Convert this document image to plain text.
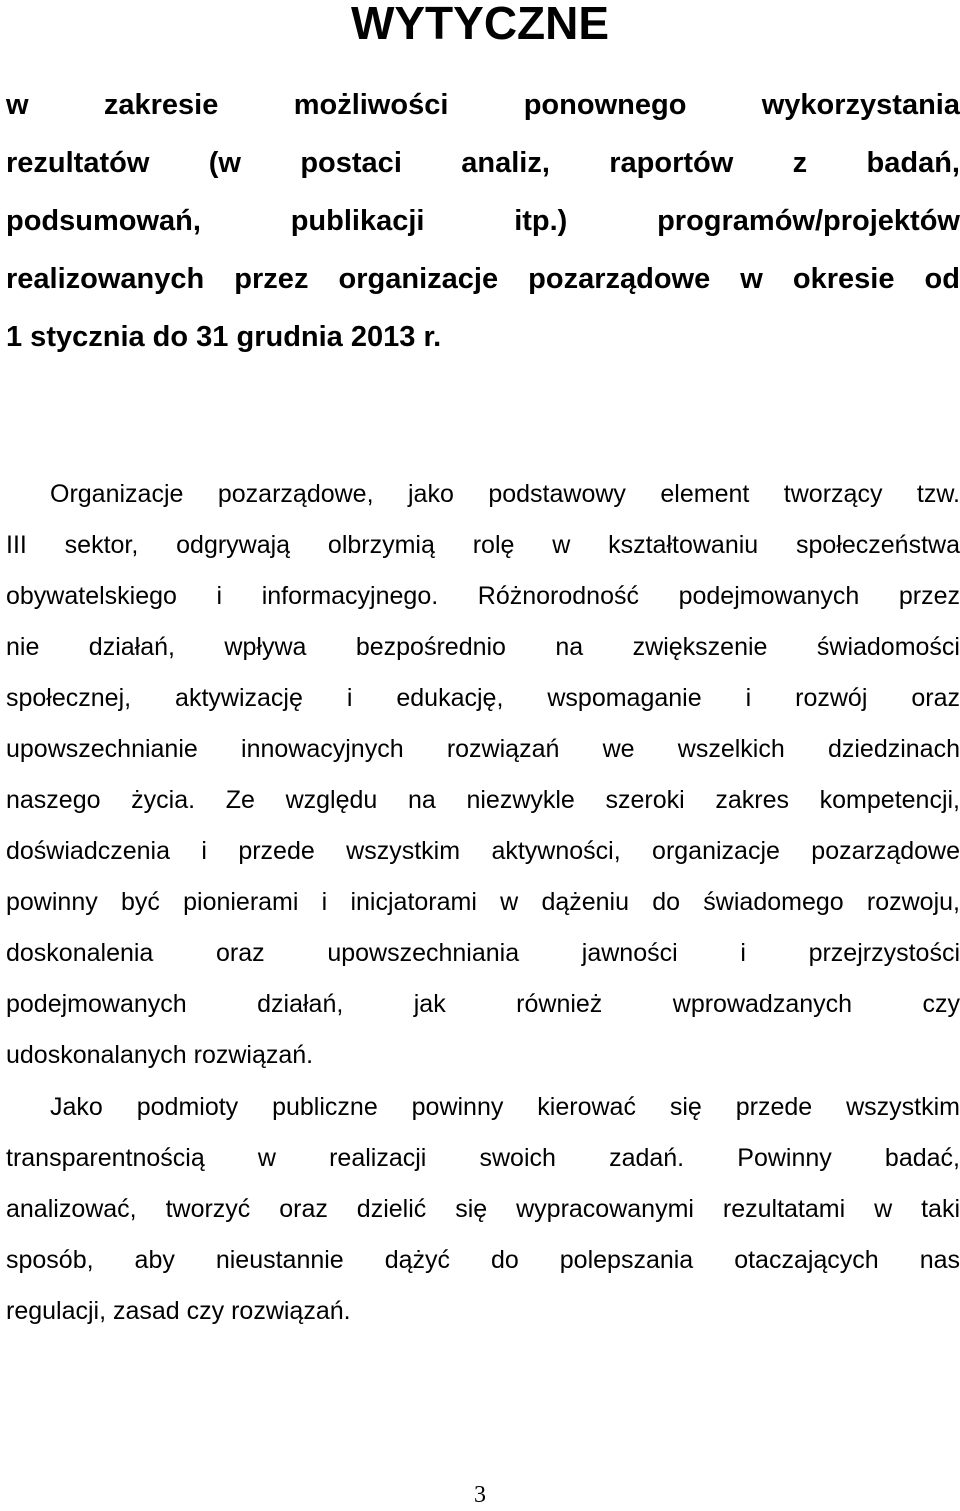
WYTYCZNE

w zakresie możliwości ponownego wykorzystania

rezultatów (w postaci analiz, raportów z badań,

podsumowań, publikacji itp.) programów/projektów

realizowanych przez organizacje pozarządowe w okresie od

1 stycznia do 31 grudnia 2013 r.

Organizacje pozarządowe, jako podstawowy element tworzący tzw.

III sektor, odgrywają olbrzymią rolę w kształtowaniu społeczeństwa

obywatelskiego i informacyjnego. Różnorodność podejmowanych przez

nie działań, wpływa bezpośrednio na zwiększenie świadomości

społecznej, aktywizację i edukację, wspomaganie i rozwój oraz

upowszechnianie innowacyjnych rozwiązań we wszelkich dziedzinach

naszego życia. Ze względu na niezwykle szeroki zakres kompetencji,

doświadczenia i przede wszystkim aktywności, organizacje pozarządowe

powinny być pionierami i inicjatorami w dążeniu do świadomego rozwoju,

doskonalenia oraz upowszechniania jawności i przejrzystości

podejmowanych działań, jak również wprowadzanych czy

udoskonalanych rozwiązań.

Jako podmioty publiczne powinny kierować się przede wszystkim

transparentnością w realizacji swoich zadań. Powinny badać,

analizować, tworzyć oraz dzielić się wypracowanymi rezultatami w taki

sposób, aby nieustannie dążyć do polepszania otaczających nas

regulacji, zasad czy rozwiązań.

3
